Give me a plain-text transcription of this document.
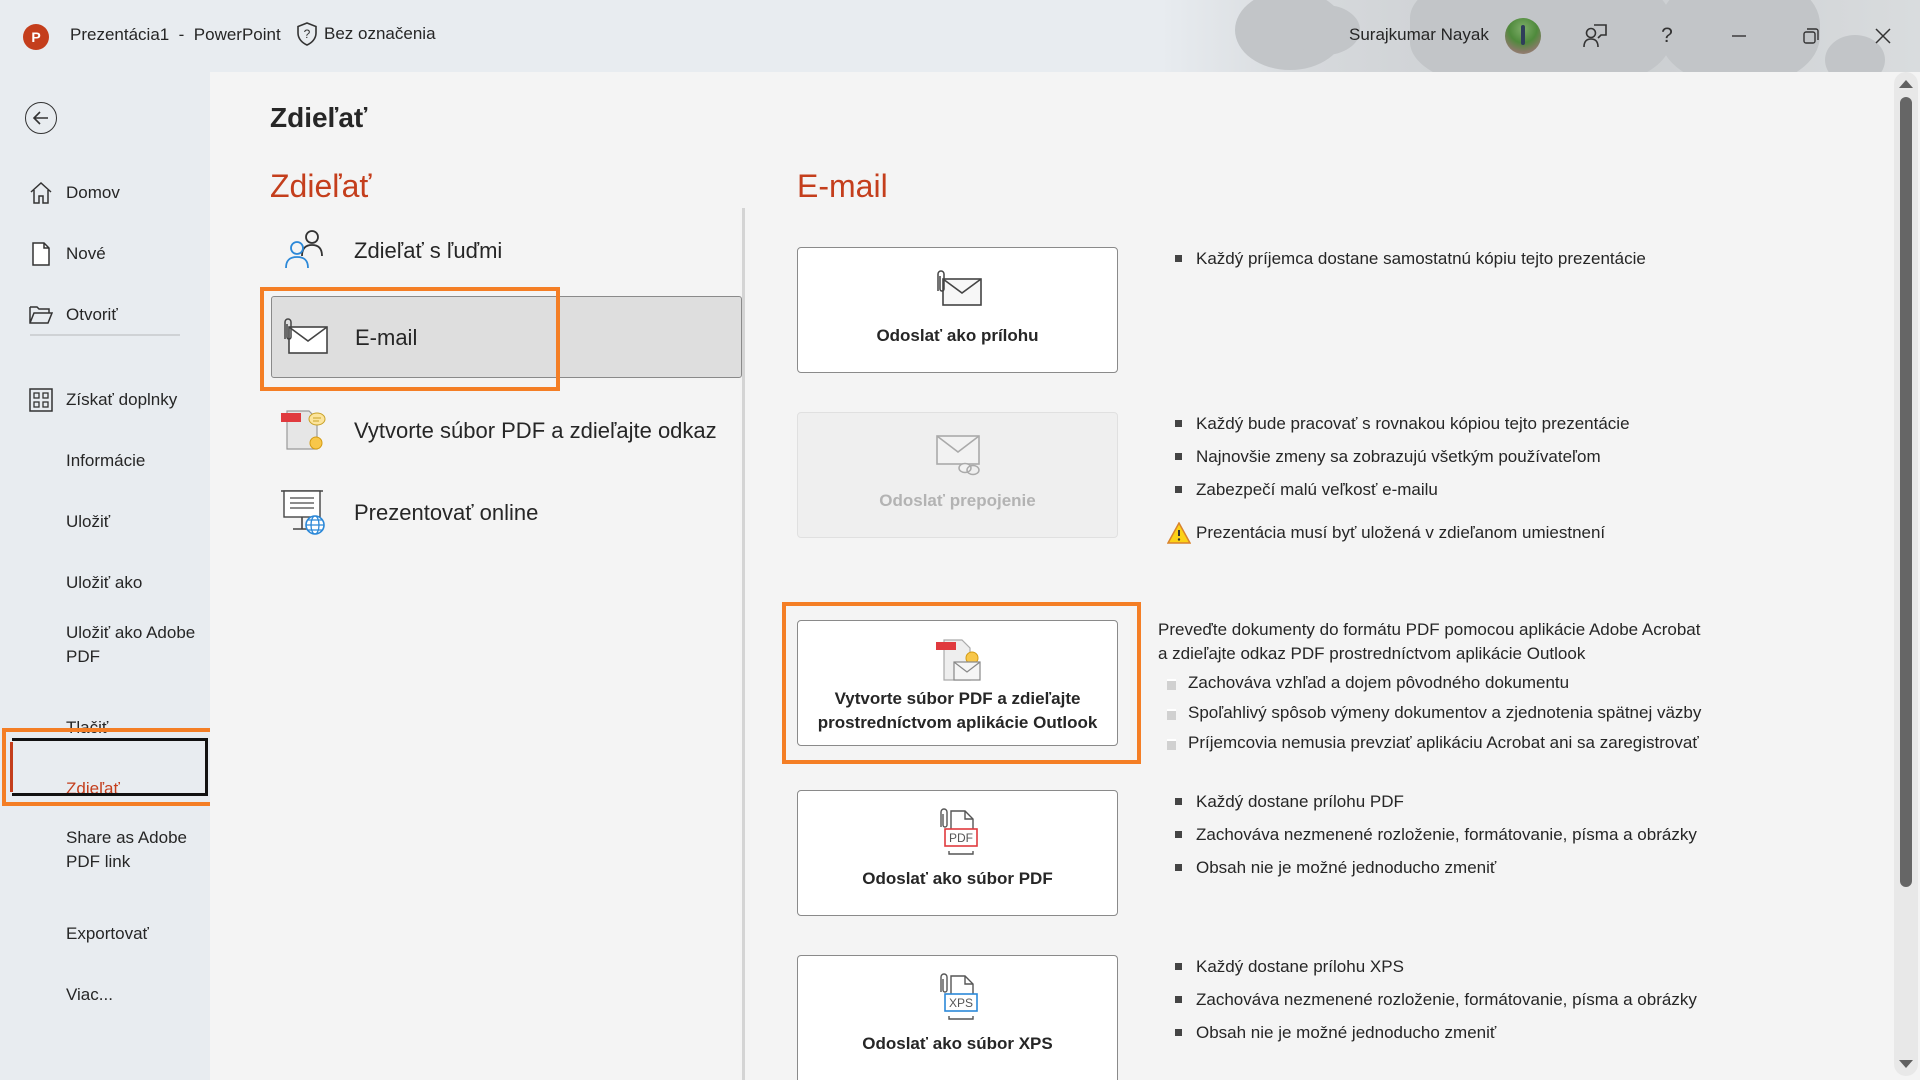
P Prezentácia1  -  PowerPoint ? Bez označenia	Surajkumar Nayak	?
Domov
Nové
Otvoriť
Získať doplnky
Informácie
Uložiť
Uložiť ako
Uložiť ako Adobe PDF
Tlačiť
Zdieľať
Share as Adobe PDF link
Exportovať
Viac...
Zdieľať
Zdieľať
Zdieľať s ľuďmi
E-mail
Vytvorte súbor PDF a zdieľajte odkaz
Prezentovať online
E-mail
Odoslať ako prílohu
Každý príjemca dostane samostatnú kópiu tejto prezentácie
Odoslať prepojenie
Každý bude pracovať s rovnakou kópiou tejto prezentácie
Najnovšie zmeny sa zobrazujú všetkým používateľom
Zabezpečí malú veľkosť e-mailu
Prezentácia musí byť uložená v zdieľanom umiestnení
Vytvorte súbor PDF a zdieľajte
prostredníctvom aplikácie Outlook
Preveďte dokumenty do formátu PDF pomocou aplikácie Adobe Acrobat
a zdieľajte odkaz PDF prostredníctvom aplikácie Outlook
Zachováva vzhľad a dojem pôvodného dokumentu
Spoľahlivý spôsob výmeny dokumentov a zjednotenia spätnej väzby
Príjemcovia nemusia prevziať aplikáciu Acrobat ani sa zaregistrovať
PDF
Odoslať ako súbor PDF
Každý dostane prílohu PDF
Zachováva nezmenené rozloženie, formátovanie, písma a obrázky
Obsah nie je možné jednoducho zmeniť
XPS
Odoslať ako súbor XPS
Každý dostane prílohu XPS
Zachováva nezmenené rozloženie, formátovanie, písma a obrázky
Obsah nie je možné jednoducho zmeniť
